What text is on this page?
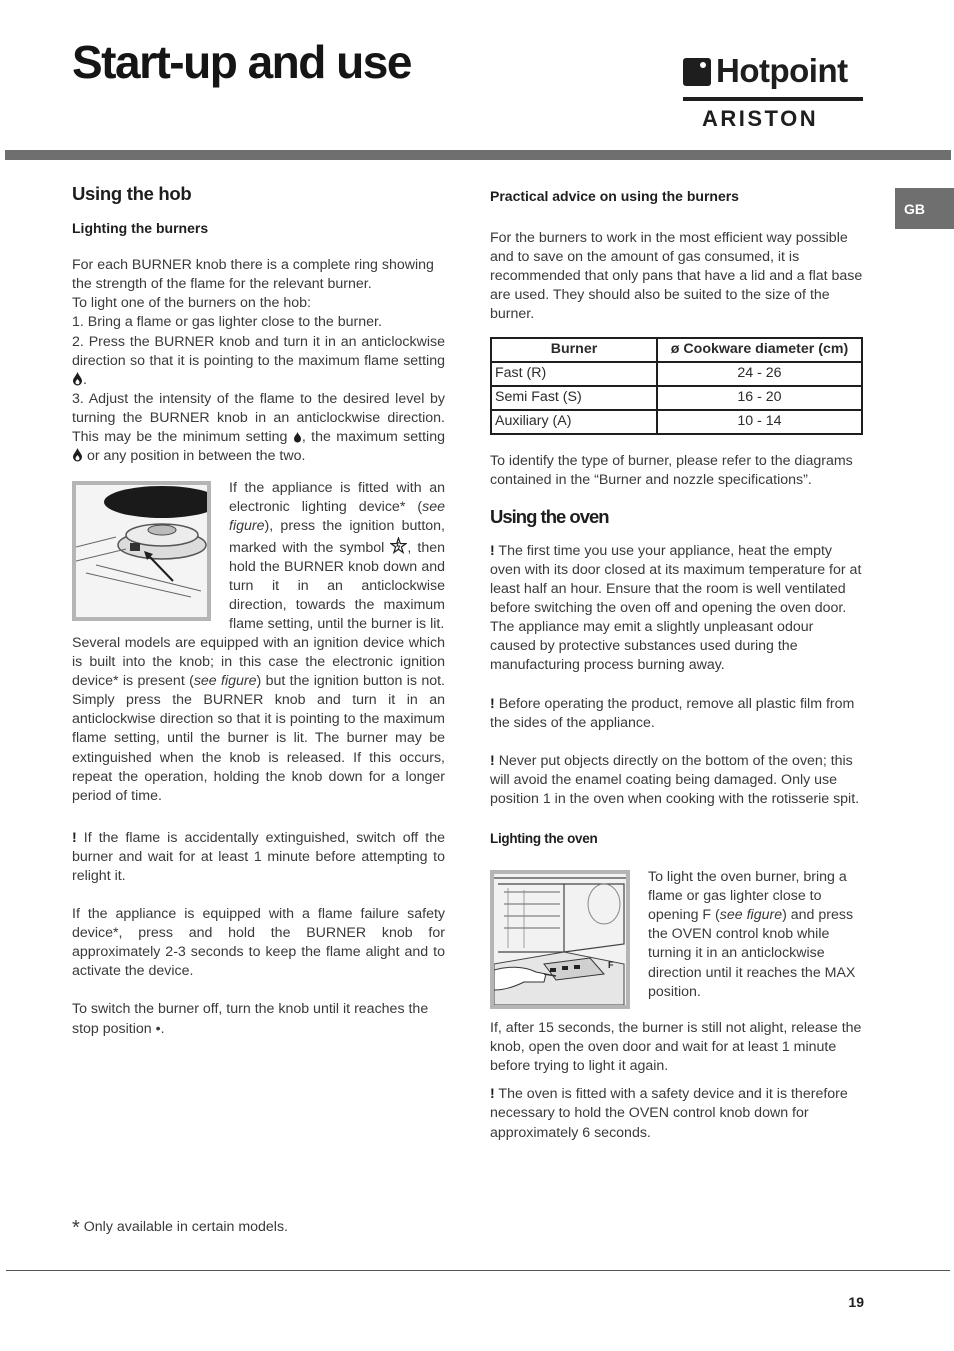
Start-up and use	Hotpoint
ARISTON
GB
Using the hob
Lighting the burners

For each BURNER knob there is a complete ring showing the strength of the flame for the relevant burner.

To light one of the burners on the hob:

1. Bring a flame or gas lighter close to the burner.

2. Press the BURNER knob and turn it in an anticlockwise direction so that it is pointing to the maximum flame setting .

3. Adjust the intensity of the flame to the desired level by turning the BURNER knob in an anticlockwise direction. This may be the minimum setting , the maximum setting  or any position in between the two.

If the appliance is fitted with an electronic lighting device* (see figure), press the ignition button, marked with the symbol , then hold the BURNER knob down and turn it in an anticlockwise direction, towards the maximum flame setting, until the burner is lit.

Several models are equipped with an ignition device which is built into the knob; in this case the electronic ignition device* is present (see figure) but the ignition button is not. Simply press the BURNER knob and turn it in an anticlockwise direction so that it is pointing to the maximum flame setting, until the burner is lit. The burner may be extinguished when the knob is released. If this occurs, repeat the operation, holding the knob down for a longer period of time.

! If the flame is accidentally extinguished, switch off the burner and wait for at least 1 minute before attempting to relight it.

If the appliance is equipped with a flame failure safety device*, press and hold the BURNER knob for approximately 2-3 seconds to keep the flame alight and to activate the device.

To switch the burner off, turn the knob until it reaches the stop position •.

* Only available in certain models.
Practical advice on using the burners

For the burners to work in the most efficient way possible and to save on the amount of gas consumed, it is recommended that only pans that have a lid and a flat base are used. They should also be suited to the size of the burner.

Burner	ø Cookware diameter (cm)
Fast (R)	24 - 26
Semi Fast (S)	16 - 20
Auxiliary (A)	10 - 14

To identify the type of burner, please refer to the diagrams contained in the “Burner and nozzle specifications”.

Using the oven

! The first time you use your appliance, heat the empty oven with its door closed at its maximum temperature for at least half an hour. Ensure that the room is well ventilated before switching the oven off and opening the oven door. The appliance may emit a slightly unpleasant odour caused by protective substances used during the manufacturing process burning away.

! Before operating the product, remove all plastic film from the sides of the appliance.

! Never put objects directly on the bottom of the oven; this will avoid the enamel coating being damaged. Only use position 1 in the oven when cooking with the rotisserie spit.

Lighting the oven
F

To light the oven burner, bring a flame or gas lighter close to opening F (see figure) and press the OVEN control knob while turning it in an anticlockwise direction until it reaches the MAX position.

If, after 15 seconds, the burner is still not alight, release the knob, open the oven door and wait for at least 1 minute before trying to light it again.

! The oven is fitted with a safety device and it is therefore necessary to hold the OVEN control knob down for approximately 6 seconds.

19
